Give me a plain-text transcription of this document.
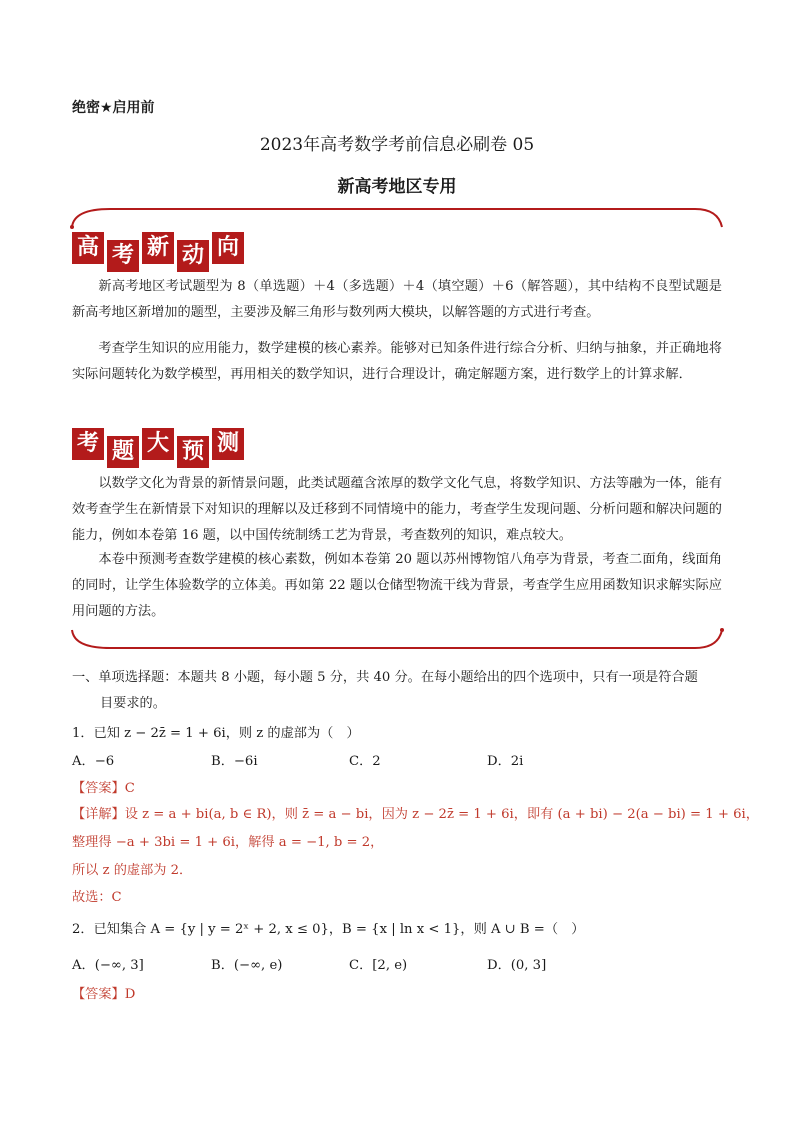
绝密★启用前
2023年高考数学考前信息必刷卷 05
新高考地区专用
高 考 新 动 向
新高考地区考试题型为 8（单选题）＋4（多选题）＋4（填空题）＋6（解答题），其中结构不良型试题是新高考地区新增加的题型，主要涉及解三角形与数列两大模块，以解答题的方式进行考查。
考查学生知识的应用能力，数学建模的核心素养。能够对已知条件进行综合分析、归纳与抽象，并正确地将实际问题转化为数学模型，再用相关的数学知识，进行合理设计，确定解题方案，进行数学上的计算求解．
考 题 大 预 测
以数学文化为背景的新情景问题，此类试题蕴含浓厚的数学文化气息，将数学知识、方法等融为一体，能有效考查学生在新情景下对知识的理解以及迁移到不同情境中的能力，考查学生发现问题、分析问题和解决问题的能力，例如本卷第 16 题，以中国传统制绣工艺为背景，考查数列的知识，难点较大。
本卷中预测考查数学建模的核心素数，例如本卷第 20 题以苏州博物馆八角亭为背景，考查二面角，线面角的同时，让学生体验数学的立体美。再如第 22 题以仓储型物流干线为背景，考查学生应用函数知识求解实际应用问题的方法。
一、单项选择题：本题共 8 小题，每小题 5 分，共 40 分。在每小题给出的四个选项中，只有一项是符合题
目要求的。
1．已知 z − 2z̄ = 1 + 6i，则 z 的虚部为（　）
A．−6	B．−6i	C．2	D．2i
【答案】C
【详解】设 z = a + bi(a, b ∈ R)，则 z̄ = a − bi，因为 z − 2z̄ = 1 + 6i，即有 (a + bi) − 2(a − bi) = 1 + 6i，
整理得 −a + 3bi = 1 + 6i，解得 a = −1, b = 2，
所以 z 的虚部为 2．
故选：C
2．已知集合 A = {y | y = 2ˣ + 2, x ≤ 0}，B = {x | ln x < 1}，则 A ∪ B =（　）
A．(−∞, 3]	B．(−∞, e)	C．[2, e)	D．(0, 3]
【答案】D
